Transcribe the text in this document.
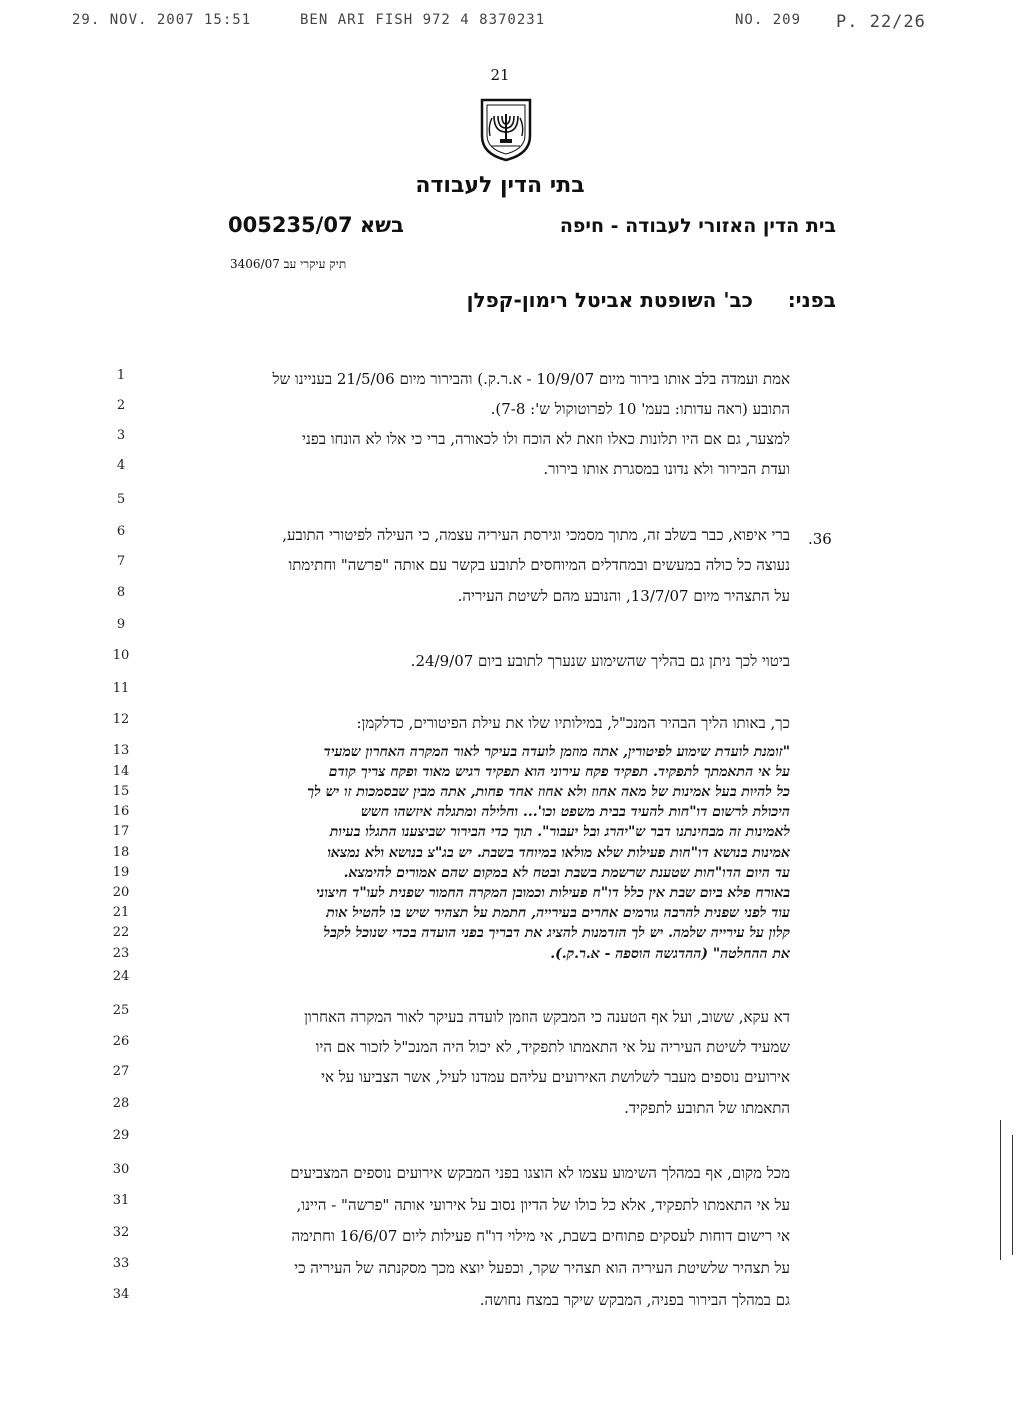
29. NOV. 2007 15:51	BEN ARI FISH 972 4 8370231	NO. 209 P. 22/26
21
בתי הדין לעבודה
בית הדין האזורי לעבודה - חיפה
בשא 005235/07
תיק עיקרי עב 3406/07
בפני:
כב' השופטת אביטל רימון-קפלן
.36
1
2
3
4
5
6
7
8
9
10
11
12
13
14
15
16
17
18
19
20
21
22
23
24
25
26
27
28
29
30
31
32
33
34
אמת ועמדה בלב אותו בירור מיום 10/9/07 - א.ר.ק.) והבירור מיום 21/5/06 בעניינו של
התובע (ראה עדותו: בעמ' 10 לפרוטוקול ש': 7-8).
למצער, גם אם היו תלונות כאלו וזאת לא הוכח ולו לכאורה, ברי כי אלו לא הונחו בפני
ועדת הבירור ולא נדונו במסגרת אותו בירור.
ברי איפוא, כבר בשלב זה, מתוך מסמכי וגירסת העיריה עצמה, כי העילה לפיטורי התובע,
נעוצה כל כולה במעשים ובמחדלים המיוחסים לתובע בקשר עם אותה "פרשה" וחתימתו
על התצהיר מיום 13/7/07, והנובע מהם לשיטת העיריה.
ביטוי לכך ניתן גם בהליך שהשימוע שנערך לתובע ביום 24/9/07.
כך, באותו הליך הבהיר המנכ"ל, במילותיו שלו את עילת הפיטורים, כדלקמן:
"זומנת לועדת שימוע לפיטורין, אתה מוזמן לועדה בעיקר לאור המקרה האחרון שמעיד
על אי התאמתך לתפקיד. תפקיד פקח עירוני הוא תפקיד רגיש מאוד ופקח צריך קודם
כל להיות בעל אמינות של מאה אחוז ולא אחוז אחד פחות, אתה מבין שבסמכות זו יש לך
היכולת לרשום דו"חות להעיד בבית משפט וכו'... וחלילה ומתגלה איזשהו חשש
לאמינות זה מבחינתנו דבר ש"יהרג ובל יעבור". תוך כדי הבירור שביצענו התגלו בעיות
אמינות בנושא דו"חות פעילות שלא מולאו במיוחד בשבת. יש בג"צ בנושא ולא נמצאו
עד היום הדו"חות שטענת שרשמת בשבת ובטח לא במקום שהם אמורים להימצא.
באורח פלא ביום שבת אין כלל דו"ח פעילות וכמובן המקרה החמור שפנית לעו"ד חיצוני
עוד לפני שפנית להרבה גורמים אחרים בעירייה, חתמת על תצהיר שיש בו להטיל אות
קלון על עירייה שלמה. יש לך הזדמנות להציג את דבריך בפני הועדה בכדי שנוכל לקבל
את ההחלטה" (ההדגשה הוספה - א.ר.ק.).
דא עקא, ששוב, ועל אף הטענה כי המבקש הוזמן לועדה בעיקר לאור המקרה האחרון
שמעיד לשיטת העיריה על אי התאמתו לתפקיד, לא יכול היה המנכ"ל לזכור אם היו
אירועים נוספים מעבר לשלושת האירועים עליהם עמדנו לעיל, אשר הצביעו על אי
התאמתו של התובע לתפקיד.
מכל מקום, אף במהלך השימוע עצמו לא הוצגו בפני המבקש אירועים נוספים המצביעים
על אי התאמתו לתפקיד, אלא כל כולו של הדיון נסוב על אירועי אותה "פרשה" - היינו,
אי רישום דוחות לעסקים פתוחים בשבת, אי מילוי דו"ח פעילות ליום 16/6/07 וחתימה
על תצהיר שלשיטת העיריה הוא תצהיר שקר, וכפעל יוצא מכך מסקנתה של העיריה כי
גם במהלך הבירור בפניה, המבקש שיקר במצח נחושה.
